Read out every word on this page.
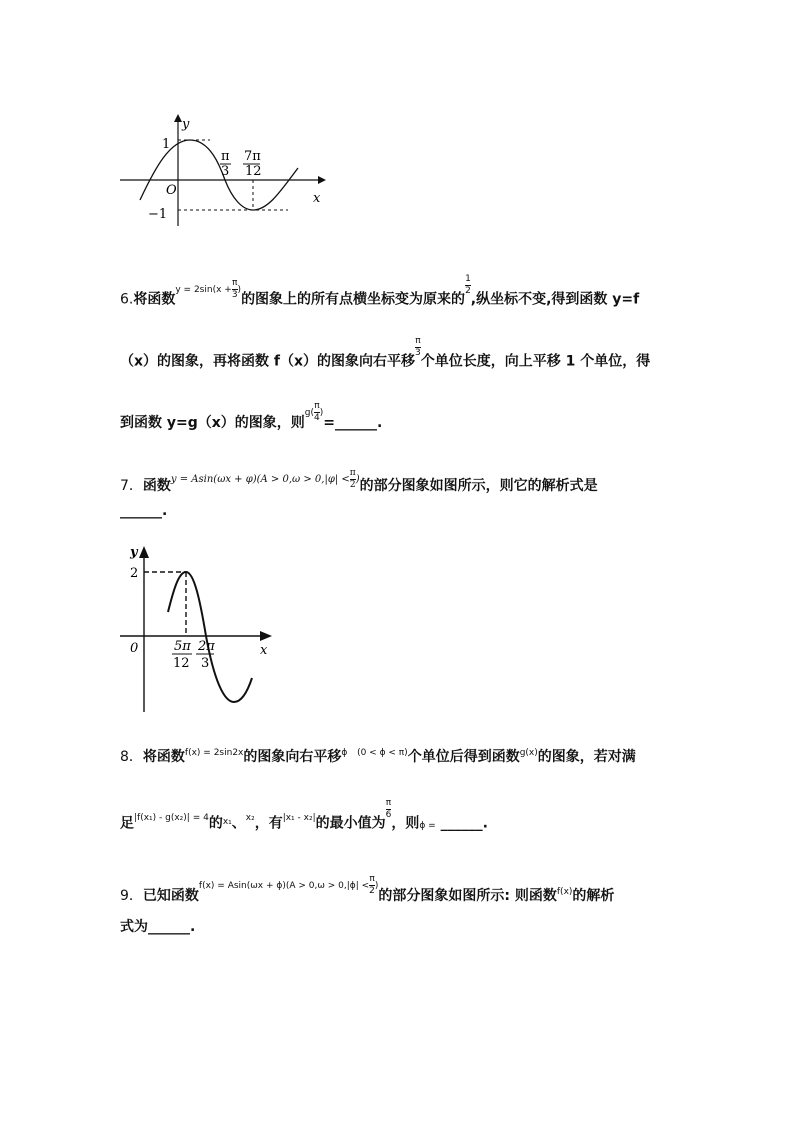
y
x
O
1
−1
π
3
7π
12
6.将函数$^{y = 2sin(x + \frac{\pi}{3} )}$的图象上的所有点横坐标变为原来的
$\frac{1}{2}$
,纵坐标不变,得到函数 y=f
（x）的图象，再将函数 f（x）的图象向右平移
$\frac{\pi}{3}$
个单位长度，向上平移 1 个单位，得
到函数 y=g（x）的图象，则$^{g( \frac{\pi}{4} )}$=______.
7．函数$^{y = Asin(\omega x + \varphi)(A > 0,\omega > 0,|\varphi| < \frac{\pi}{2} )}$的部分图象如图所示，则它的解析式是
______.
y
x
0
2
5π
12
2π
3
8．将函数$^{f(x) = 2sin2x}$的图象向右平移$^\phi$ $^{(0 < \phi < \pi)}$个单位后得到函数$^{g(x)}$的图象，若对满
足$^{|f(x_1) - g(x_2)| = 4}$的$^{x_1}$、$^{x_2}$，有$^{|x_1 - x_2|}$的最小值为
$\frac{\pi}{6}$
，则ϕ = ______.
9．已知函数$^{f(x) = Asin(\omega x + \phi)(A > 0,\omega > 0,|\phi| < \frac{\pi}{2} )}$的部分图象如图所示: 则函数$^{f(x)}$的解析
式为______.
